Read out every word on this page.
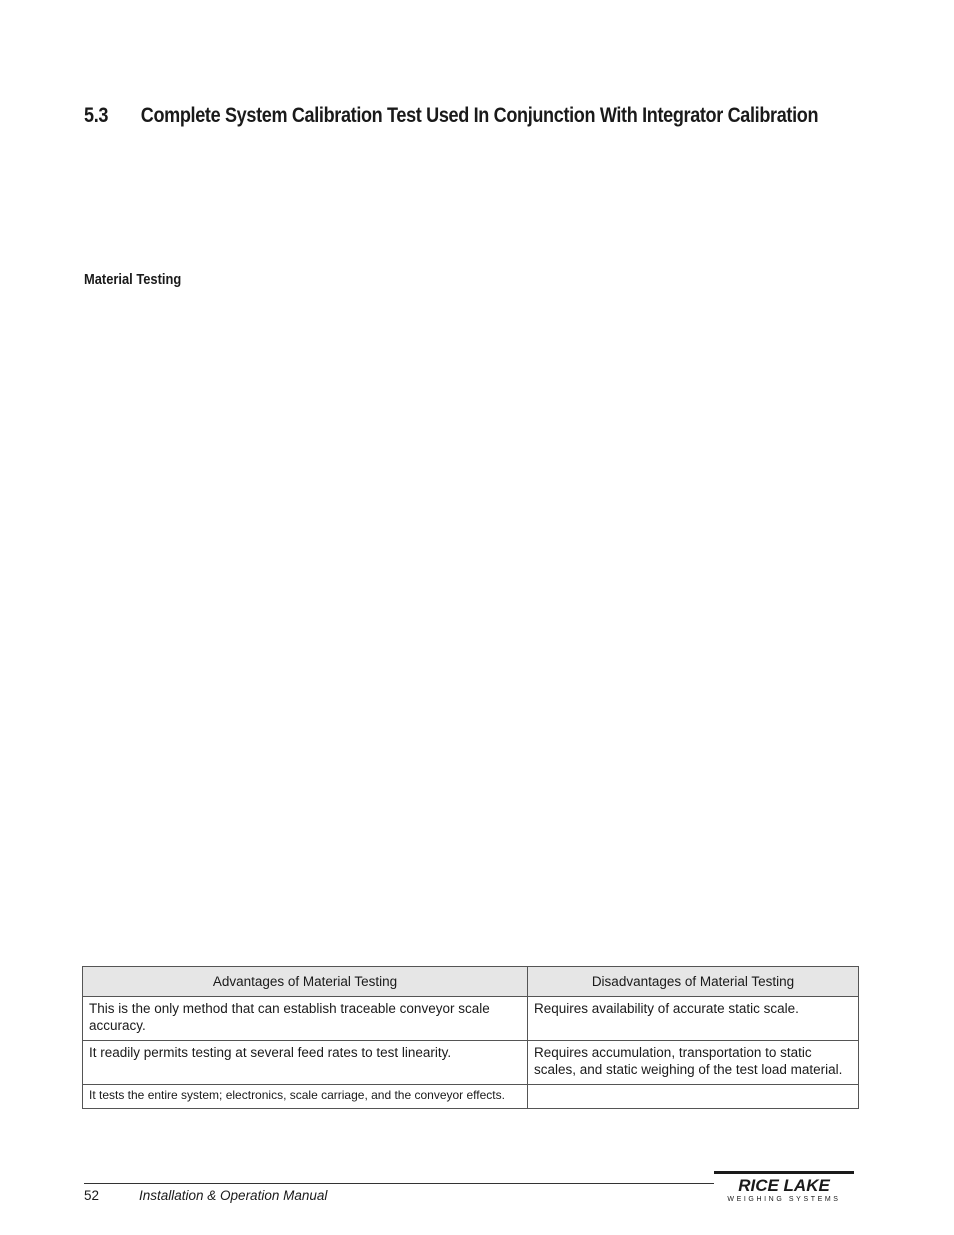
5.3 Complete System Calibration Test Used In Conjunction With Integrator Calibration
Material Testing
Advantages of Material Testing	Disadvantages of Material Testing
This is the only method that can establish traceable conveyor scale accuracy.	Requires availability of accurate static scale.
It readily permits testing at several feed rates to test linearity.	Requires accumulation, transportation to static scales, and static weighing of the test load material.
It tests the entire system; electronics, scale carriage, and the conveyor effects.	
52	Installation & Operation Manual
RICE LAKE
WEIGHING SYSTEMS
